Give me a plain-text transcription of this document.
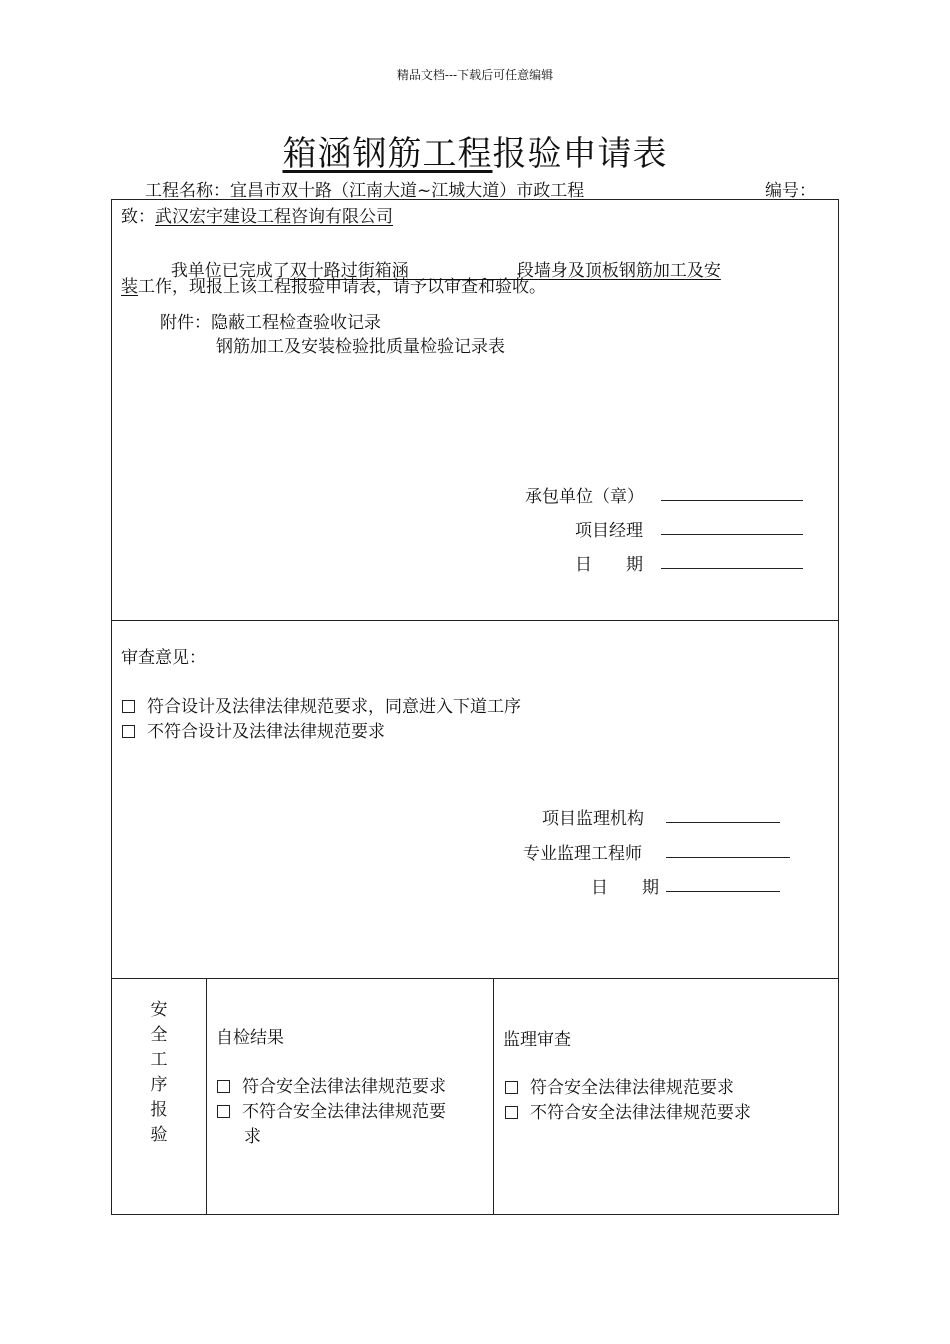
精品文档---下载后可任意编辑
箱涵钢筋工程报验申请表
工程名称：宜昌市双十路（江南大道~江城大道）市政工程	编号：
致：武汉宏宇建设工程咨询有限公司

我单位已完成了双十路过街箱涵                    段墙身及顶板钢筋加工及安

装工作，现报上该工程报验申请表，请予以审查和验收。
附件：隐蔽工程检查验收记录
钢筋加工及安装检验批质量检验记录表
承包单位（章）
项目经理
日　　期
审查意见：
符合设计及法律法律规范要求，同意进入下道工序
不符合设计及法律法律规范要求
项目监理机构
专业监理工程师
日　　期
安
全
工
序
报
验
自检结果
符合安全法律法律规范要求
不符合安全法律法律规范要
求
监理审查
符合安全法律法律规范要求
不符合安全法律法律规范要求
